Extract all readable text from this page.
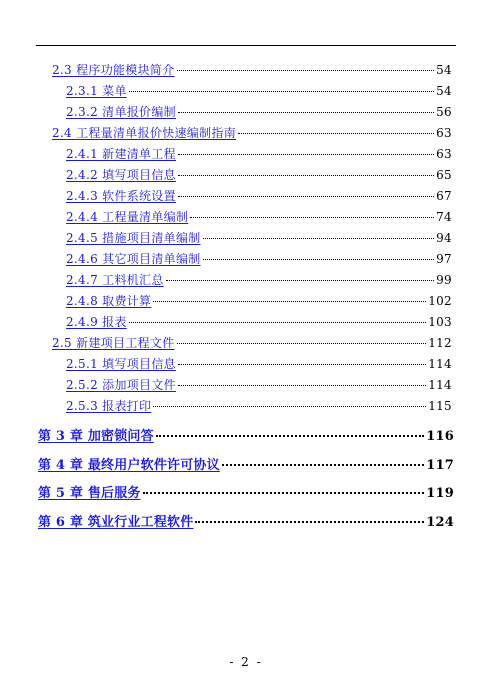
2.3 程序功能模块简介	54
2.3.1 菜单	54
2.3.2 清单报价编制	56
2.4 工程量清单报价快速编制指南	63
2.4.1 新建清单工程	63
2.4.2 填写项目信息	65
2.4.3 软件系统设置	67
2.4.4 工程量清单编制	74
2.4.5 措施项目清单编制	94
2.4.6 其它项目清单编制	97
2.4.7 工料机汇总	99
2.4.8 取费计算	102
2.4.9 报表	103
2.5 新建项目工程文件	112
2.5.1 填写项目信息	114
2.5.2 添加项目文件	114
2.5.3 报表打印	115
第 3 章 加密锁问答	116
第 4 章 最终用户软件许可协议	117
第 5 章 售后服务	119
第 6 章 筑业行业工程软件	124
- 2 -
